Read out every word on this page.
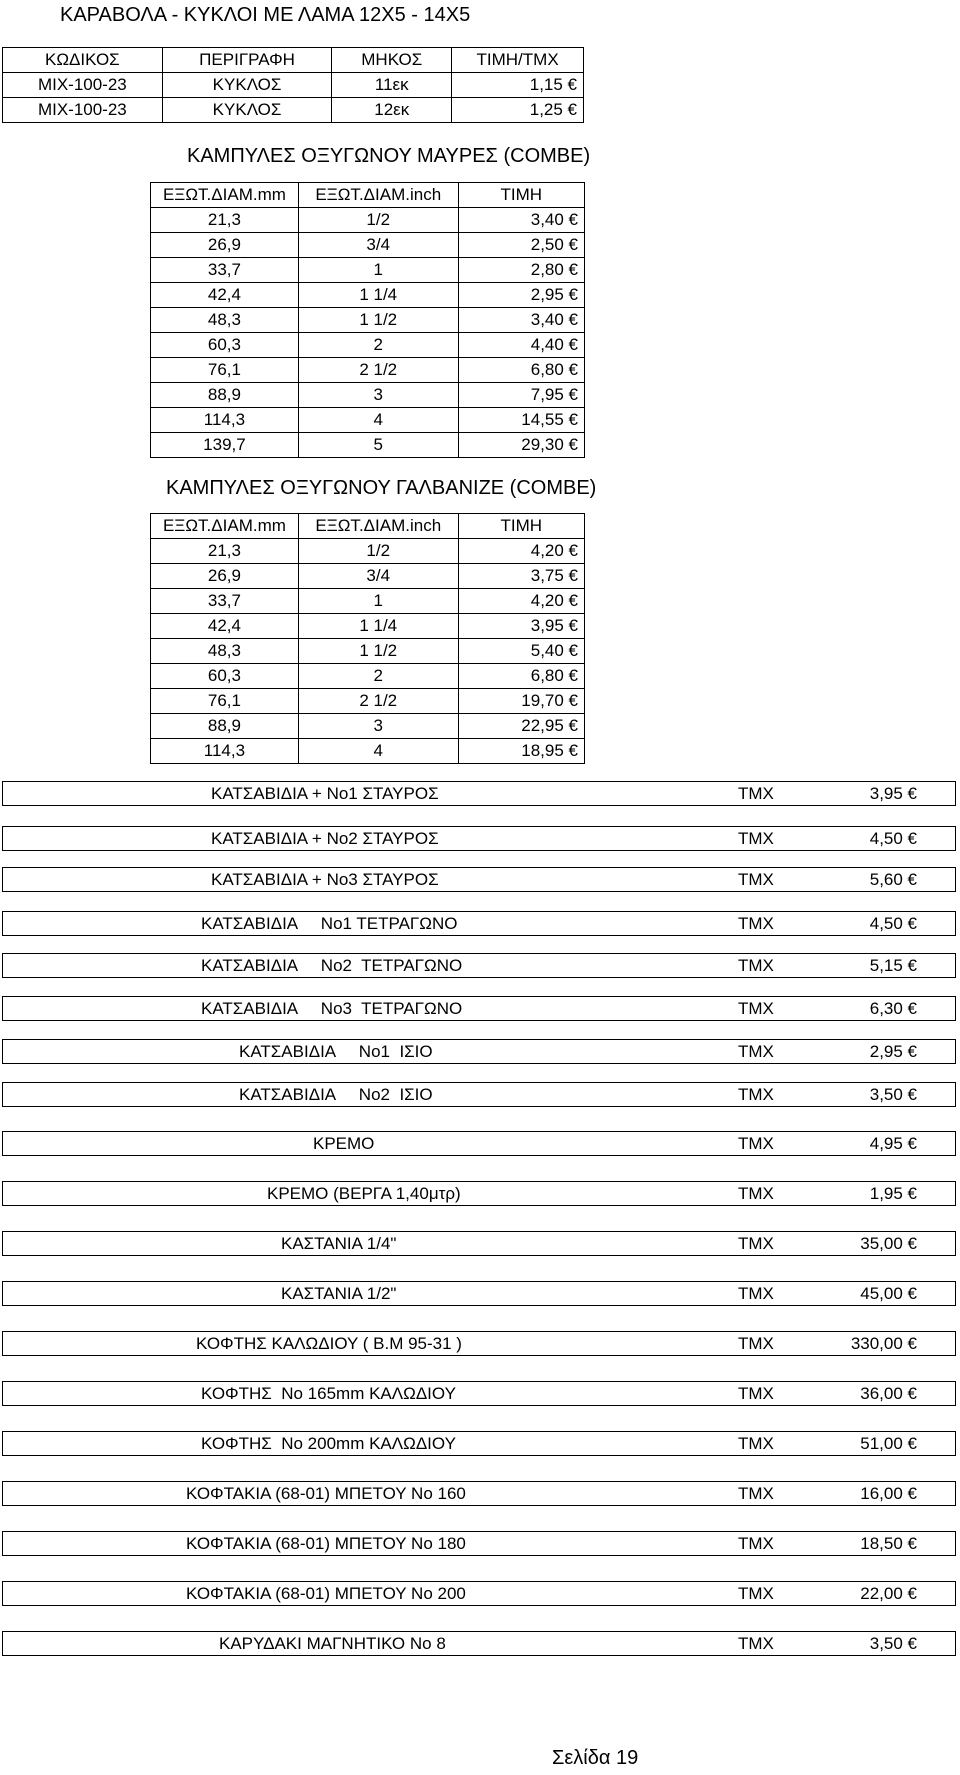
ΚΑΡΑΒΟΛΑ - ΚΥΚΛΟΙ ΜΕ ΛΑΜΑ 12Χ5 - 14Χ5
ΚΩΔΙΚΟΣ	ΠΕΡΙΓΡΑΦΗ	ΜΗΚΟΣ	ΤΙΜΗ/ΤΜΧ
MIX-100-23	ΚΥΚΛΟΣ	11εκ	1,15 €
MIX-100-23	ΚΥΚΛΟΣ	12εκ	1,25 €
ΚΑΜΠΥΛΕΣ ΟΞΥΓΩΝΟΥ ΜΑΥΡΕΣ (COMBE)
ΕΞΩΤ.ΔΙΑΜ.mm	ΕΞΩΤ.ΔΙΑΜ.inch	ΤΙΜΗ
21,3	1/2	3,40 €
26,9	3/4	2,50 €
33,7	1	2,80 €
42,4	1 1/4	2,95 €
48,3	1 1/2	3,40 €
60,3	2	4,40 €
76,1	2 1/2	6,80 €
88,9	3	7,95 €
114,3	4	14,55 €
139,7	5	29,30 €
ΚΑΜΠΥΛΕΣ ΟΞΥΓΩΝΟΥ ΓΑΛΒΑΝΙΖΕ (COMBE)
ΕΞΩΤ.ΔΙΑΜ.mm	ΕΞΩΤ.ΔΙΑΜ.inch	ΤΙΜΗ
21,3	1/2	4,20 €
26,9	3/4	3,75 €
33,7	1	4,20 €
42,4	1 1/4	3,95 €
48,3	1 1/2	5,40 €
60,3	2	6,80 €
76,1	2 1/2	19,70 €
88,9	3	22,95 €
114,3	4	18,95 €
ΚΑΤΣΑΒΙΔΙΑ + Νο1 ΣΤΑΥΡΟΣ	ΤΜΧ	3,95 €
ΚΑΤΣΑΒΙΔΙΑ + Νο2 ΣΤΑΥΡΟΣ	ΤΜΧ	4,50 €
ΚΑΤΣΑΒΙΔΙΑ + Νο3 ΣΤΑΥΡΟΣ	ΤΜΧ	5,60 €
ΚΑΤΣΑΒΙΔΙΑ     Νο1 ΤΕΤΡΑΓΩΝΟ	ΤΜΧ	4,50 €
ΚΑΤΣΑΒΙΔΙΑ     Νο2  ΤΕΤΡΑΓΩΝΟ	ΤΜΧ	5,15 €
ΚΑΤΣΑΒΙΔΙΑ     Νο3  ΤΕΤΡΑΓΩΝΟ	ΤΜΧ	6,30 €
ΚΑΤΣΑΒΙΔΙΑ     Νο1  ΙΣΙΟ	ΤΜΧ	2,95 €
ΚΑΤΣΑΒΙΔΙΑ     Νο2  ΙΣΙΟ	ΤΜΧ	3,50 €
ΚΡΕΜΟ	ΤΜΧ	4,95 €
ΚΡΕΜΟ (ΒΕΡΓΑ 1,40μτρ)	ΤΜΧ	1,95 €
ΚΑΣΤΑΝΙΑ 1/4"	ΤΜΧ	35,00 €
ΚΑΣΤΑΝΙΑ 1/2"	ΤΜΧ	45,00 €
ΚΟΦΤΗΣ ΚΑΛΩΔΙΟΥ ( Β.Μ 95-31 )	ΤΜΧ	330,00 €
ΚΟΦΤΗΣ  Νο 165mm ΚΑΛΩΔΙΟΥ	ΤΜΧ	36,00 €
ΚΟΦΤΗΣ  Νο 200mm ΚΑΛΩΔΙΟΥ	ΤΜΧ	51,00 €
ΚΟΦΤΑΚΙΑ (68-01) ΜΠΕΤΟΥ Νο 160	ΤΜΧ	16,00 €
ΚΟΦΤΑΚΙΑ (68-01) ΜΠΕΤΟΥ Νο 180	ΤΜΧ	18,50 €
ΚΟΦΤΑΚΙΑ (68-01) ΜΠΕΤΟΥ Νο 200	ΤΜΧ	22,00 €
ΚΑΡΥΔΑΚΙ ΜΑΓΝΗΤΙΚΟ Νο 8	ΤΜΧ	3,50 €
Σελίδα 19
